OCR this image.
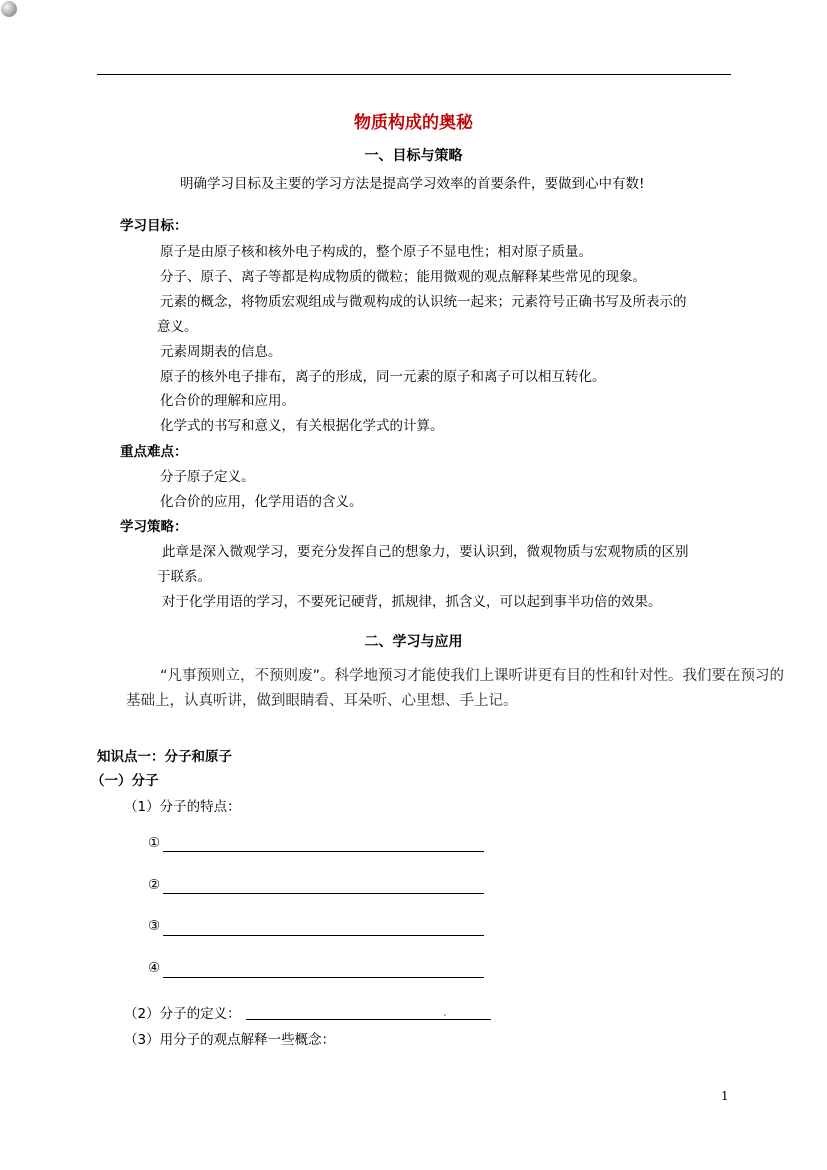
物质构成的奥秘
一、目标与策略
明确学习目标及主要的学习方法是提高学习效率的首要条件，要做到心中有数!
学习目标：
原子是由原子核和核外电子构成的，整个原子不显电性；相对原子质量。
分子、原子、离子等都是构成物质的微粒；能用微观的观点解释某些常见的现象。
元素的概念，将物质宏观组成与微观构成的认识统一起来；元素符号正确书写及所表示的
意义。
元素周期表的信息。
原子的核外电子排布，离子的形成，同一元素的原子和离子可以相互转化。
化合价的理解和应用。
化学式的书写和意义，有关根据化学式的计算。
重点难点：
分子原子定义。
化合价的应用，化学用语的含义。
学习策略：
此章是深入微观学习，要充分发挥自己的想象力，要认识到，微观物质与宏观物质的区别
于联系。
对于化学用语的学习，不要死记硬背，抓规律，抓含义，可以起到事半功倍的效果。
二、学习与应用
“凡事预则立，不预则废”。科学地预习才能使我们上课听讲更有目的性和针对性。我们要在预习的
基础上，认真听讲，做到眼睛看、耳朵听、心里想、手上记。
知识点一：分子和原子
（一）分子
（1）分子的特点：
①
②
③
④
（2）分子的定义：
（3）用分子的观点解释一些概念：
1
